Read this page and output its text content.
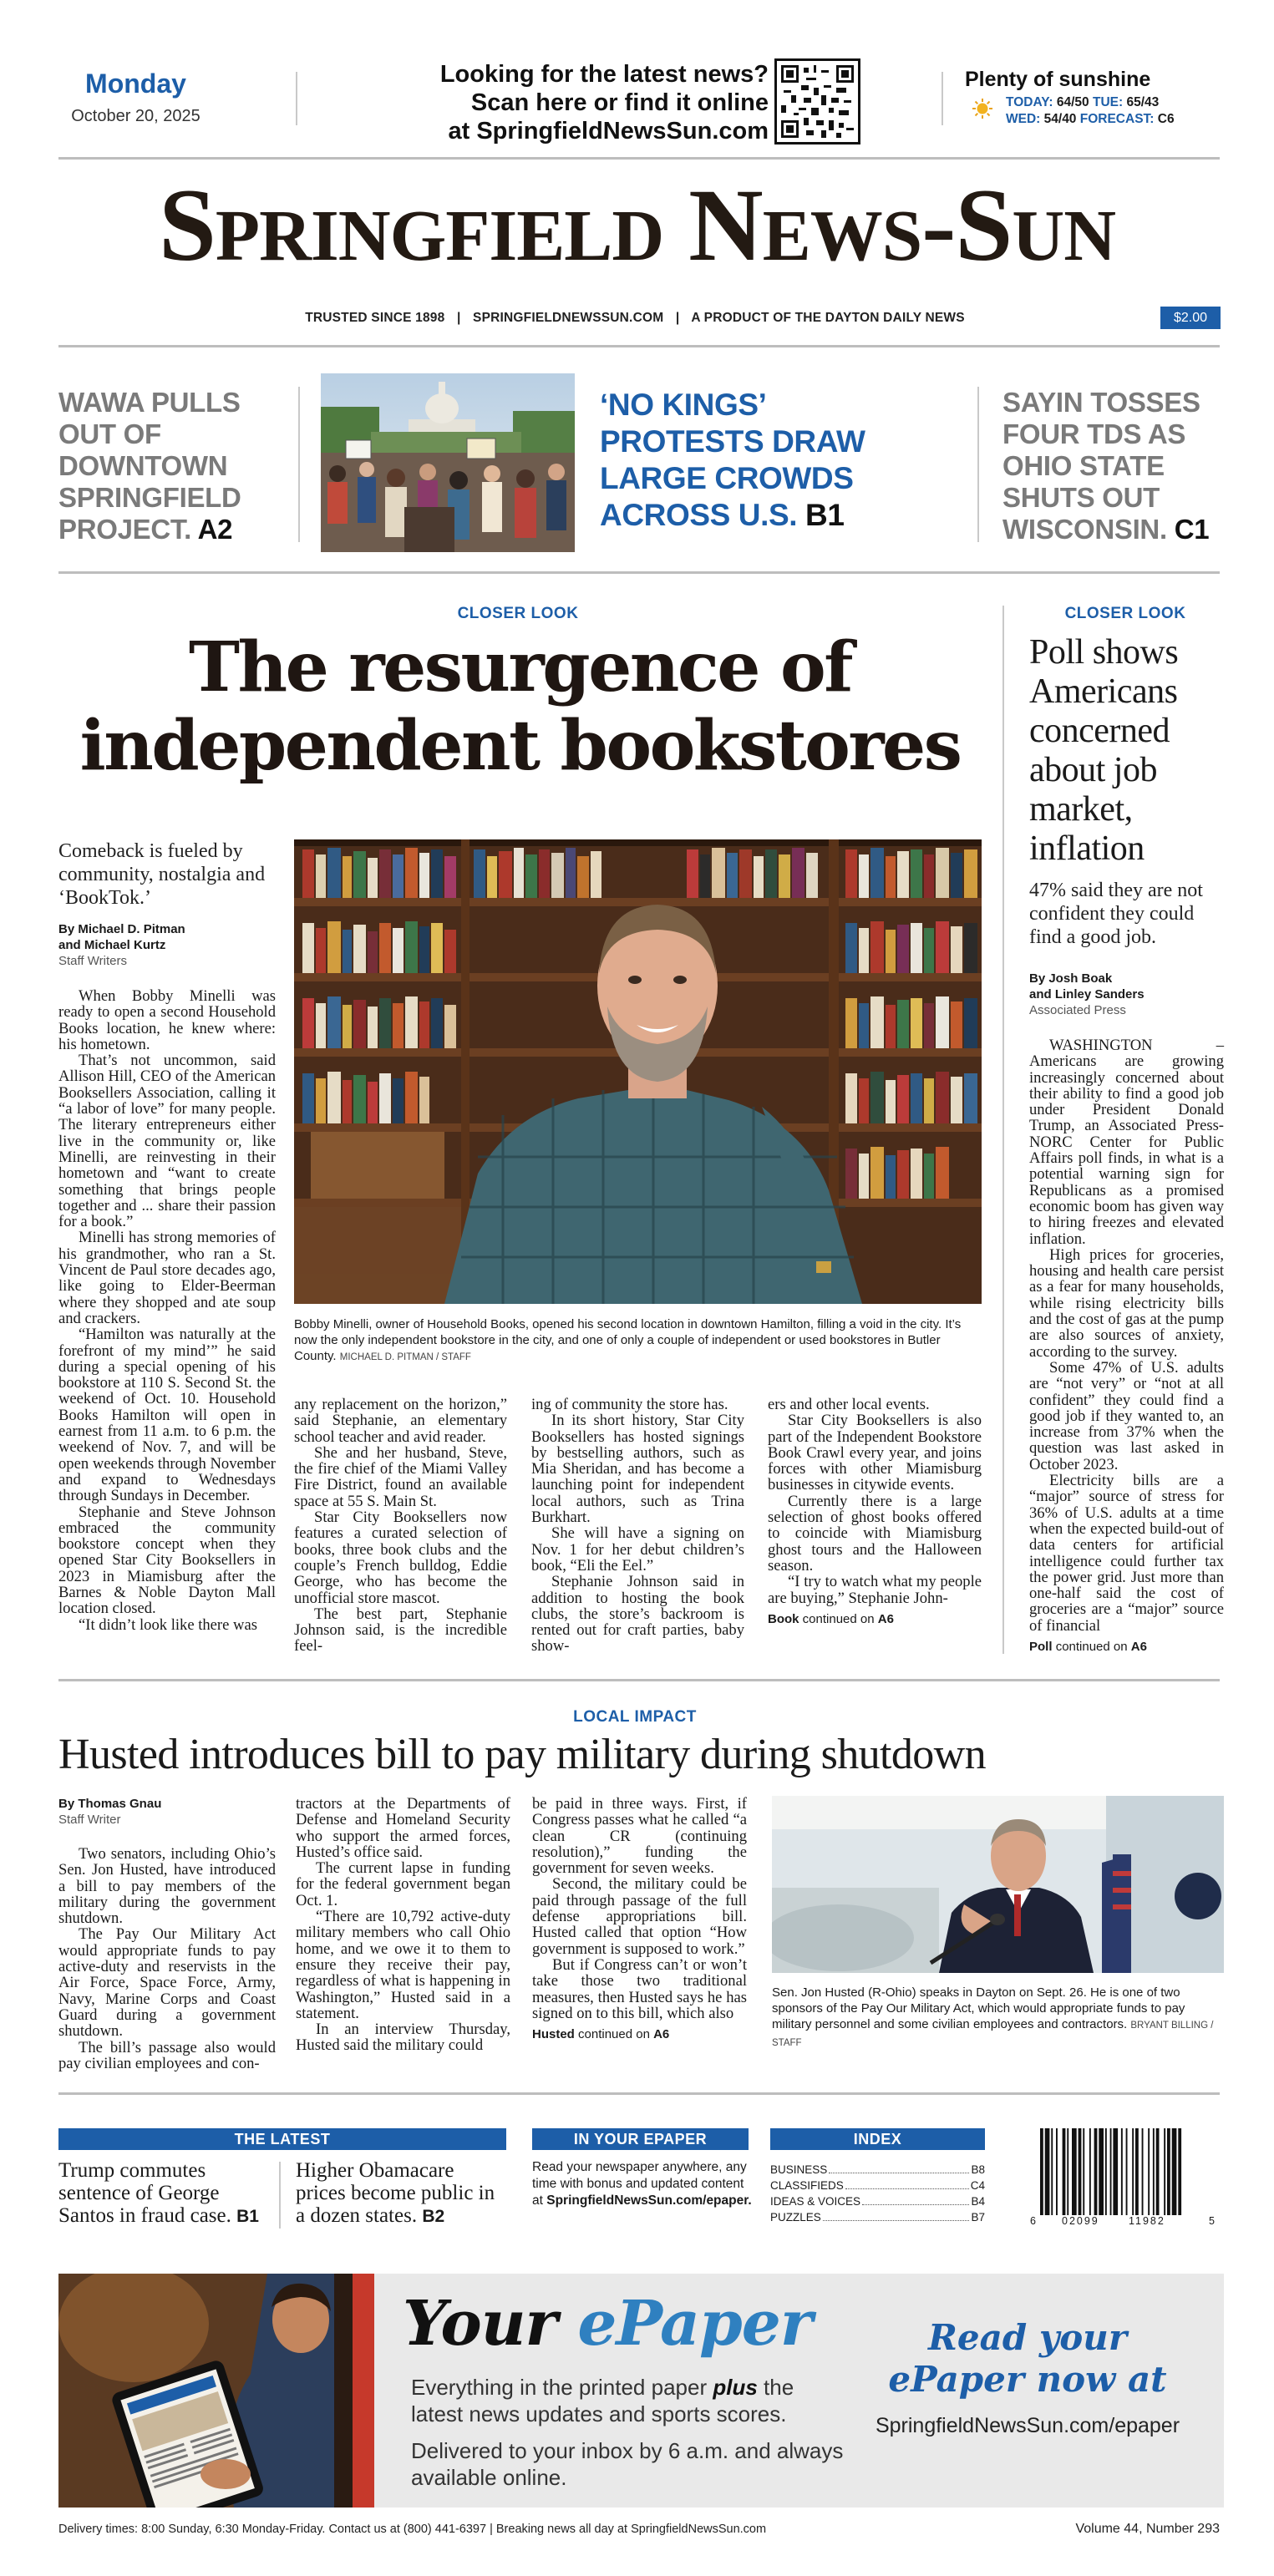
Monday
October 20, 2025
Looking for the latest news?
Scan here or find it online
at SpringfieldNewsSun.com
Plenty of sunshine
TODAY: 64/50 TUE: 65/43
WED: 54/40 FORECAST: C6
Springfield News-Sun
TRUSTED SINCE 1898 | SPRINGFIELDNEWSSUN.COM | A PRODUCT OF THE DAYTON DAILY NEWS	$2.00
WAWA PULLS OUT OF DOWNTOWN SPRINGFIELD PROJECT. A2
‘NO KINGS’ PROTESTS DRAW LARGE CROWDS ACROSS U.S. B1
SAYIN TOSSES FOUR TDS AS OHIO STATE SHUTS OUT WISCONSIN. C1
CLOSER LOOK
The resurgence of independent bookstores
Comeback is fueled by community, nostalgia and ‘BookTok.’
By Michael D. Pitman
and Michael Kurtz
Staff Writers

When Bobby Minelli was ready to open a second Household Books location, he knew where: his hometown.

That’s not uncommon, said Allison Hill, CEO of the American Booksellers Association, calling it “a labor of love” for many people. The literary entrepreneurs either live in the community or, like Minelli, are reinvesting in their hometown and “want to create something that brings people together and ... share their passion for a book.”

Minelli has strong memories of his grandmother, who ran a St. Vincent de Paul store decades ago, like going to Elder-Beerman where they shopped and ate soup and crackers.

“Hamilton was naturally at the forefront of my mind’” he said during a special opening of his bookstore at 110 S. Second St. the weekend of Oct. 10. Household Books Hamilton will open in earnest from 11 a.m. to 6 p.m. the weekend of Nov. 7, and will be open weekends through November and expand to Wednesdays through Sundays in December.

Stephanie and Steve Johnson embraced the community bookstore concept when they opened Star City Booksellers in 2023 in Miamisburg after the Barnes & Noble Dayton Mall location closed.

“It didn’t look like there was

Bobby Minelli, owner of Household Books, opened his second location in downtown Hamilton, filling a void in the city. It’s now the only independent bookstore in the city, and one of only a couple of independent or used bookstores in Butler County. MICHAEL D. PITMAN / STAFF

any replacement on the horizon,” said Stephanie, an elementary school teacher and avid reader.

She and her husband, Steve, the fire chief of the Miami Valley Fire District, found an available space at 55 S. Main St.

Star City Booksellers now features a curated selection of books, three book clubs and the couple’s French bulldog, Eddie George, who has become the unofficial store mascot.

The best part, Stephanie Johnson said, is the incredible feel-

ing of community the store has.

In its short history, Star City Booksellers has hosted signings by bestselling authors, such as Mia Sheridan, and has become a launching point for independent local authors, such as Trina Burkhart.

She will have a signing on Nov. 1 for her debut children’s book, “Eli the Eel.”

Stephanie Johnson said in addition to hosting the book clubs, the store’s backroom is rented out for craft parties, baby show-

ers and other local events.

Star City Booksellers is also part of the Independent Bookstore Book Crawl every year, and joins forces with other Miamisburg businesses in citywide events.

Currently there is a large selection of ghost books offered to coincide with Miamisburg ghost tours and the Halloween season.

“I try to watch what my people are buying,” Stephanie John-

Book continued on A6
CLOSER LOOK
Poll shows Americans concerned about job market, inflation
47% said they are not confident they could find a good job.
By Josh Boak
and Linley Sanders
Associated Press

WASHINGTON – Americans are growing increasingly concerned about their ability to find a good job under President Donald Trump, an Associated Press-NORC Center for Public Affairs poll finds, in what is a potential warning sign for Republicans as a promised economic boom has given way to hiring freezes and elevated inflation.

High prices for groceries, housing and health care persist as a fear for many households, while rising electricity bills and the cost of gas at the pump are also sources of anxiety, according to the survey.

Some 47% of U.S. adults are “not very” or “not at all confident” they could find a good job if they wanted to, an increase from 37% when the question was last asked in October 2023.

Electricity bills are a “major” source of stress for 36% of U.S. adults at a time when the expected build-out of data centers for artificial intelligence could further tax the power grid. Just more than one-half said the cost of groceries are a “major” source of financial

Poll continued on A6
LOCAL IMPACT
Husted introduces bill to pay military during shutdown
By Thomas Gnau
Staff Writer

Two senators, including Ohio’s Sen. Jon Husted, have introduced a bill to pay members of the military during the government shutdown.

The Pay Our Military Act would appropriate funds to pay active-duty and reservists in the Air Force, Space Force, Army, Navy, Marine Corps and Coast Guard during a government shutdown.

The bill’s passage also would pay civilian employees and con-

tractors at the Departments of Defense and Homeland Security who support the armed forces, Husted’s office said.

The current lapse in funding for the federal government began Oct. 1.

“There are 10,792 active-duty military members who call Ohio home, and we owe it to them to ensure they receive their pay, regardless of what is happening in Washington,” Husted said in a statement.

In an interview Thursday, Husted said the military could

be paid in three ways. First, if Congress passes what he called “a clean CR (continuing resolution),” funding the government for seven weeks.

Second, the military could be paid through passage of the full defense appropriations bill. Husted called that option “How government is supposed to work.”

But if Congress can’t or won’t take those two traditional measures, then Husted says he has signed on to this bill, which also

Husted continued on A6
Sen. Jon Husted (R-Ohio) speaks in Dayton on Sept. 26. He is one of two sponsors of the Pay Our Military Act, which would appropriate funds to pay military personnel and some civilian employees and contractors. BRYANT BILLING / STAFF
THE LATEST
Trump commutes sentence of George Santos in fraud case. B1
Higher Obamacare prices become public in a dozen states. B2
IN YOUR EPAPER
Read your newspaper anywhere, any time with bonus and updated content at SpringfieldNewsSun.com/epaper.
INDEX
BUSINESS	B8
CLASSIFIEDS	C4
IDEAS & VOICES	B4
PUZZLES	B7	6 02099	11982	5
Your ePaper
Everything in the printed paper plus the latest news updates and sports scores.
Delivered to your inbox by 6 a.m. and always available online.
Read your
ePaper now at
SpringfieldNewsSun.com/epaper
Delivery times: 8:00 Sunday, 6:30 Monday-Friday. Contact us at (800) 441-6397 | Breaking news all day at SpringfieldNewsSun.com	Volume 44, Number 293
